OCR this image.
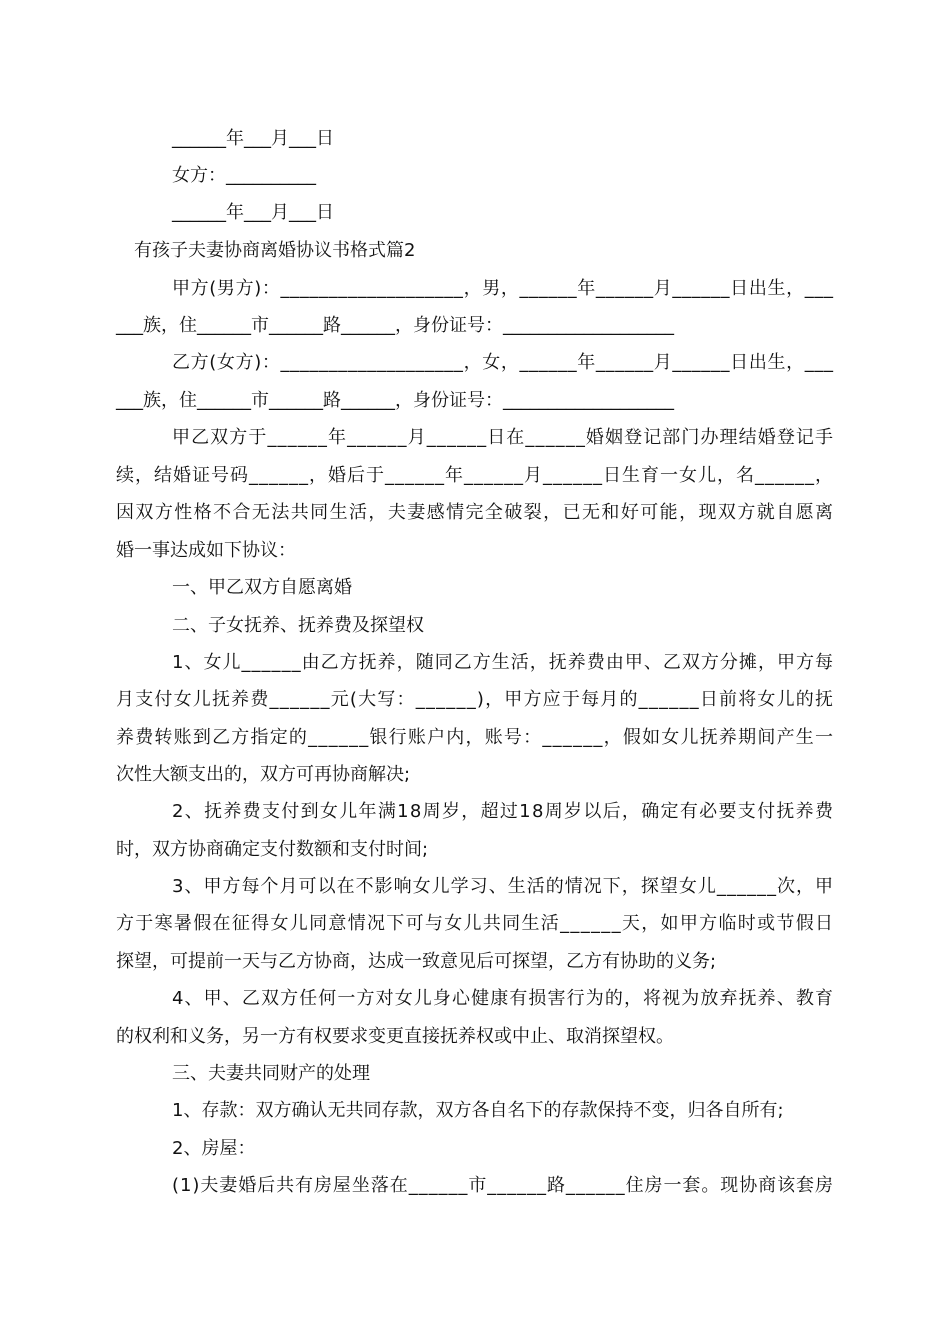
______年___月___日
女方：__________
______年___月___日
有孩子夫妻协商离婚协议书格式篇2
甲方(男方)：___________________，男，______年______月______日出生，___
___族，住______市______路______，身份证号：___________________
乙方(女方)：___________________，女，______年______月______日出生，___
___族，住______市______路______，身份证号：___________________
甲乙双方于______年______月______日在______婚姻登记部门办理结婚登记手
续，结婚证号码______，婚后于______年______月______日生育一女儿，名______，
因双方性格不合无法共同生活，夫妻感情完全破裂，已无和好可能，现双方就自愿离
婚一事达成如下协议：
一、甲乙双方自愿离婚
二、子女抚养、抚养费及探望权
1、女儿______由乙方抚养，随同乙方生活，抚养费由甲、乙双方分摊，甲方每
月支付女儿抚养费______元(大写：______)，甲方应于每月的______日前将女儿的抚
养费转账到乙方指定的______银行账户内，账号：______，假如女儿抚养期间产生一
次性大额支出的，双方可再协商解决;
2、抚养费支付到女儿年满18周岁，超过18周岁以后，确定有必要支付抚养费
时，双方协商确定支付数额和支付时间;
3、甲方每个月可以在不影响女儿学习、生活的情况下，探望女儿______次，甲
方于寒暑假在征得女儿同意情况下可与女儿共同生活______天，如甲方临时或节假日
探望，可提前一天与乙方协商，达成一致意见后可探望，乙方有协助的义务;
4、甲、乙双方任何一方对女儿身心健康有损害行为的，将视为放弃抚养、教育
的权利和义务，另一方有权要求变更直接抚养权或中止、取消探望权。
三、夫妻共同财产的处理
1、存款：双方确认无共同存款，双方各自名下的存款保持不变，归各自所有;
2、房屋：
(1)夫妻婚后共有房屋坐落在______市______路______住房一套。现协商该套房
